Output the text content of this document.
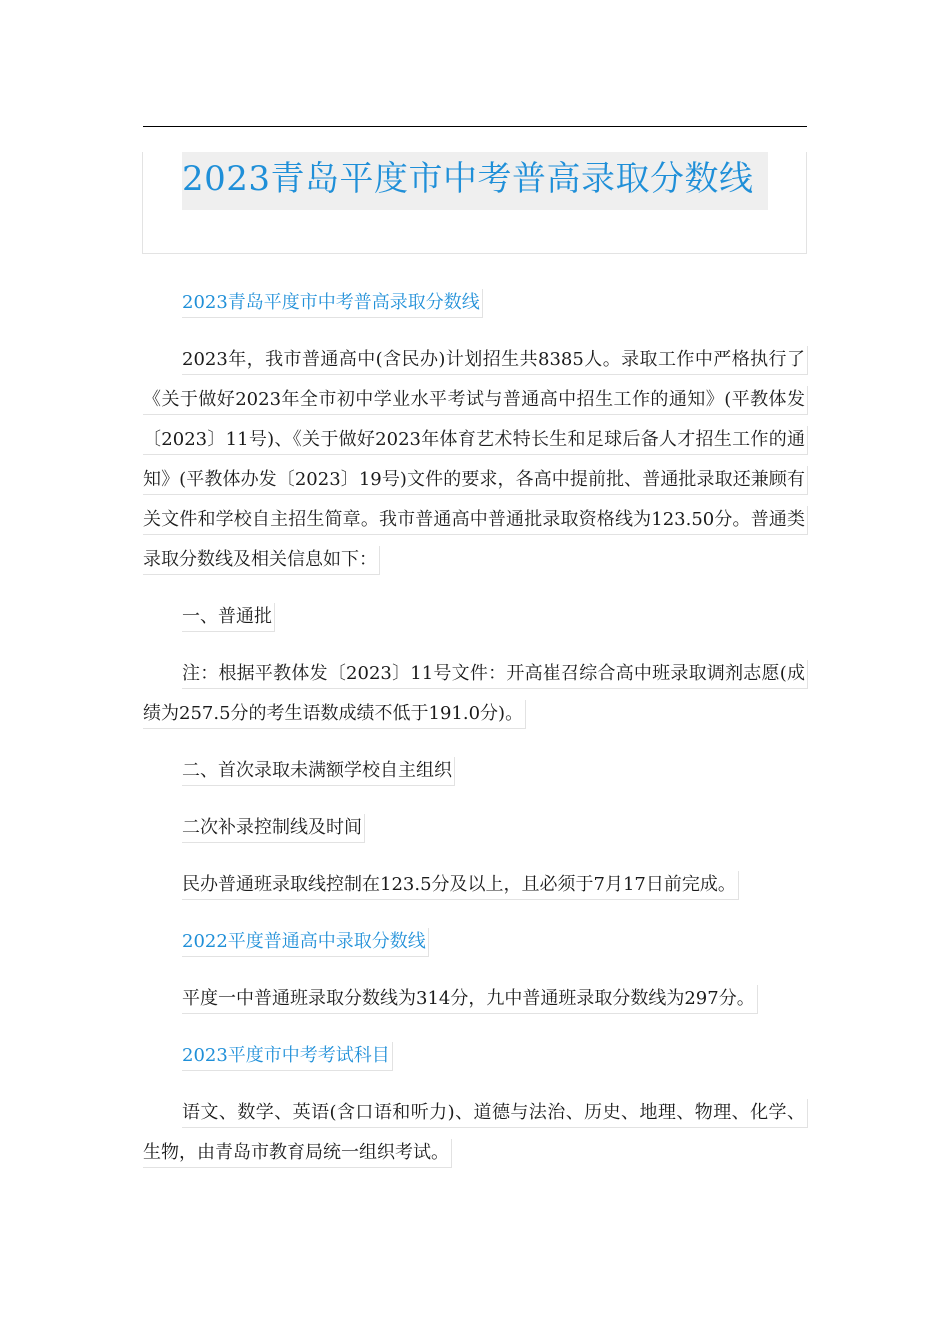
2023青岛平度市中考普高录取分数线

2023青岛平度市中考普高录取分数线

2023年，我市普通高中(含民办)计划招生共8385人。录取工作中严格执行了《关于做好2023年全市初中学业水平考试与普通高中招生工作的通知》(平教体发〔2023〕11号)、《关于做好2023年体育艺术特长生和足球后备人才招生工作的通知》(平教体办发〔2023〕19号)文件的要求，各高中提前批、普通批录取还兼顾有关文件和学校自主招生简章。我市普通高中普通批录取资格线为123.50分。普通类录取分数线及相关信息如下：

一、普通批

注：根据平教体发〔2023〕11号文件：开高崔召综合高中班录取调剂志愿(成绩为257.5分的考生语数成绩不低于191.0分)。

二、首次录取未满额学校自主组织

二次补录控制线及时间

民办普通班录取线控制在123.5分及以上，且必须于7月17日前完成。

2022平度普通高中录取分数线

平度一中普通班录取分数线为314分，九中普通班录取分数线为297分。

2023平度市中考考试科目

语文、数学、英语(含口语和听力)、道德与法治、历史、地理、物理、化学、生物，由青岛市教育局统一组织考试。
